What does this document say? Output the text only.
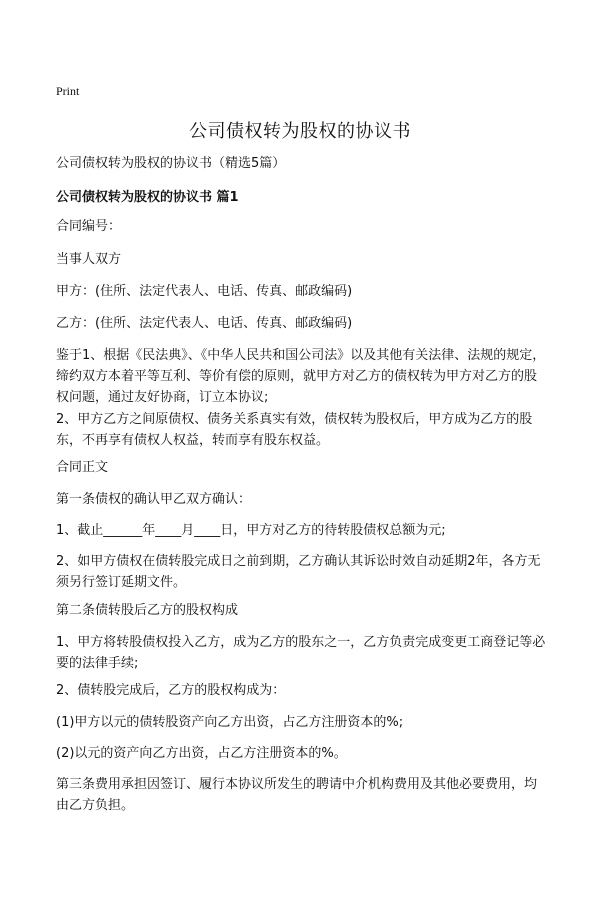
Print
公司债权转为股权的协议书

公司债权转为股权的协议书（精选5篇）

公司债权转为股权的协议书 篇1

合同编号：

当事人双方

甲方：(住所、法定代表人、电话、传真、邮政编码)

乙方：(住所、法定代表人、电话、传真、邮政编码)

鉴于1、根据《民法典》、《中华人民共和国公司法》以及其他有关法律、法规的规定，缔约双方本着平等互利、等价有偿的原则，就甲方对乙方的债权转为甲方对乙方的股权问题，通过友好协商，订立本协议;

2、甲方乙方之间原债权、债务关系真实有效，债权转为股权后，甲方成为乙方的股东，不再享有债权人权益，转而享有股东权益。

合同正文

第一条债权的确认甲乙双方确认：

1、截止______年____月____日，甲方对乙方的待转股债权总额为元;

2、如甲方债权在债转股完成日之前到期，乙方确认其诉讼时效自动延期2年，各方无须另行签订延期文件。

第二条债转股后乙方的股权构成

1、甲方将转股债权投入乙方，成为乙方的股东之一，乙方负责完成变更工商登记等必要的法律手续;

2、债转股完成后，乙方的股权构成为：

(1)甲方以元的债转股资产向乙方出资，占乙方注册资本的%;

(2)以元的资产向乙方出资，占乙方注册资本的%。

第三条费用承担因签订、履行本协议所发生的聘请中介机构费用及其他必要费用，均由乙方负担。
